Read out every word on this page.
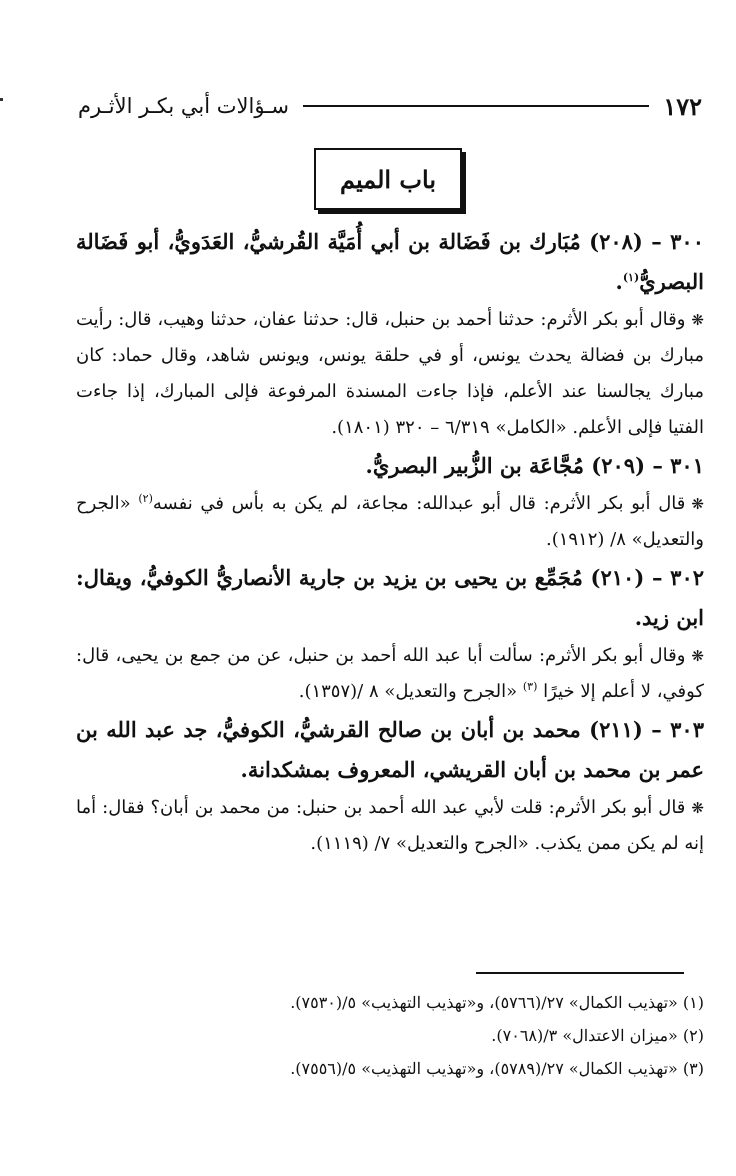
١٧٢
سـؤالات أبي بكـر الأثـرم
باب الميم

٣٠٠ – (٢٠٨) مُبَارك بن فَضَالة بن أبي أُمَيَّة القُرشيُّ، العَدَويُّ، أبو فَضَالة البصريُّ$^{(١)}$.

❋وقال أبو بكر الأثرم: حدثنا أحمد بن حنبل، قال: حدثنا عفان، حدثنا وهيب، قال: رأيت مبارك بن فضالة يحدث يونس، أو في حلقة يونس، ويونس شاهد، وقال حماد: كان مبارك يجالسنا عند الأعلم، فإذا جاءت المسندة المرفوعة فإلى المبارك، إذا جاءت الفتيا فإلى الأعلم. «الكامل» ٦/٣١٩ – ٣٢٠ (١٨٠١).

٣٠١ – (٢٠٩) مُجَّاعَة بن الزُّبير البصريُّ.

❋قال أبو بكر الأثرم: قال أبو عبدالله: مجاعة، لم يكن به بأس في نفسه$^{(٢)}$ «الجرح والتعديل» ٨/ (١٩١٢).

٣٠٢ – (٢١٠) مُجَمِّع بن يحيى بن يزيد بن جارية الأنصاريُّ الكوفيُّ، ويقال: ابن زيد.

❋وقال أبو بكر الأثرم: سألت أبا عبد الله أحمد بن حنبل، عن من جمع بن يحيى، قال: كوفي، لا أعلم إلا خيرًا $^{(٣)}$ «الجرح والتعديل» ٨ /(١٣٥٧).

٣٠٣ – (٢١١) محمد بن أبان بن صالح القرشيُّ، الكوفيُّ، جد عبد الله بن عمر بن محمد بن أبان القريشي، المعروف بمشكدانة.

❋قال أبو بكر الأثرم: قلت لأبي عبد الله أحمد بن حنبل: من محمد بن أبان؟ فقال: أما إنه لم يكن ممن يكذب. «الجرح والتعديل» ٧/ (١١١٩).

(١) «تهذيب الكمال» ٢٧/(٥٧٦٦)، و«تهذيب التهذيب» ٥/(٧٥٣٠).

(٢) «ميزان الاعتدال» ٣/(٧٠٦٨).

(٣) «تهذيب الكمال» ٢٧/(٥٧٨٩)، و«تهذيب التهذيب» ٥/(٧٥٥٦).
